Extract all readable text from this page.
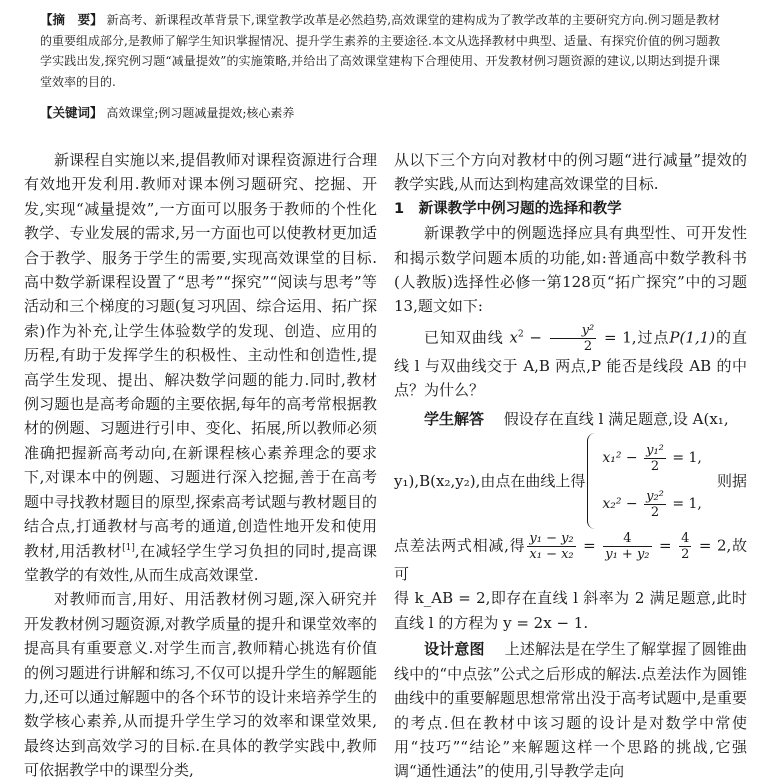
【摘　要】 新高考、新课程改革背景下,课堂教学改革是必然趋势,高效课堂的建构成为了教学改革的主要研究方向.例习题是教材的重要组成部分,是教师了解学生知识掌握情况、提升学生素养的主要途径.本文从选择教材中典型、适量、有探究价值的例习题教学实践出发,探究例习题“减量提效”的实施策略,并给出了高效课堂建构下合理使用、开发教材例习题资源的建议,以期达到提升课堂效率的目的.
【关键词】 高效课堂;例习题减量提效;核心素养

新课程自实施以来,提倡教师对课程资源进行合理有效地开发利用.教师对课本例习题研究、挖掘、开发,实现“减量提效”,一方面可以服务于教师的个性化教学、专业发展的需求,另一方面也可以使教材更加适合于教学、服务于学生的需要,实现高效课堂的目标.高中数学新课程设置了“思考”“探究”“阅读与思考”等活动和三个梯度的习题(复习巩固、综合运用、拓广探索)作为补充,让学生体验数学的发现、创造、应用的历程,有助于发挥学生的积极性、主动性和创造性,提高学生发现、提出、解决数学问题的能力.同时,教材例习题也是高考命题的主要依据,每年的高考常根据教材的例题、习题进行引申、变化、拓展,所以教师必须准确把握新高考动向,在新课程核心素养理念的要求下,对课本中的例题、习题进行深入挖掘,善于在高考题中寻找教材题目的原型,探索高考试题与教材题目的结合点,打通教材与高考的通道,创造性地开发和使用教材,用活教材[1],在减轻学生学习负担的同时,提高课堂教学的有效性,从而生成高效课堂.

对教师而言,用好、用活教材例习题,深入研究并开发教材例习题资源,对教学质量的提升和课堂效率的提高具有重要意义.对学生而言,教师精心挑选有价值的例习题进行讲解和练习,不仅可以提升学生的解题能力,还可以通过解题中的各个环节的设计来培养学生的数学核心素养,从而提升学生学习的效率和课堂效果,最终达到高效学习的目标.在具体的教学实践中,教师可依据教学中的课型分类,

从以下三个方向对教材中的例习题“进行减量”提效的教学实践,从而达到构建高效课堂的目标.

1　新课教学中例习题的选择和教学

新课教学中的例题选择应具有典型性、可开发性和揭示数学问题本质的功能,如:普通高中数学教科书(人教版)选择性必修一第128页“拓广探究”中的习题13,题文如下:

已知双曲线 $x^2 - \frac{\text{y²}}{2} = 1$,过点P(1,1)的直线 l 与双曲线交于 A,B 两点,P 能否是线段 AB 的中点？为什么？

学生解答　 假设存在直线 l 满足题意,设 A(x₁,

y₁),B(x₂,y₂),由点在曲线上得
$x_1^2 - \frac{\text{y₁²}}{2} = 1$,
$x_2^2 - \frac{\text{y₂²}}{2} = 1$,
则据

点差法两式相减,得 $\frac{\text{y₁ − y₂}}{\text{x₁ − x₂}} = \frac{4}{\text{y₁ + y₂}} = \frac{4}{2} = 2$,故可

得 k_AB = 2,即存在直线 l 斜率为 2 满足题意,此时直线 l 的方程为 y = 2x − 1.

设计意图　 上述解法是在学生了解掌握了圆锥曲线中的“中点弦”公式之后形成的解法.点差法作为圆锥曲线中的重要解题思想常常出没于高考试题中,是重要的考点.但在教材中该习题的设计是对数学中常使用“技巧”“结论”来解题这样一个思路的挑战,它强调“通性通法”的使用,引导教学走向
